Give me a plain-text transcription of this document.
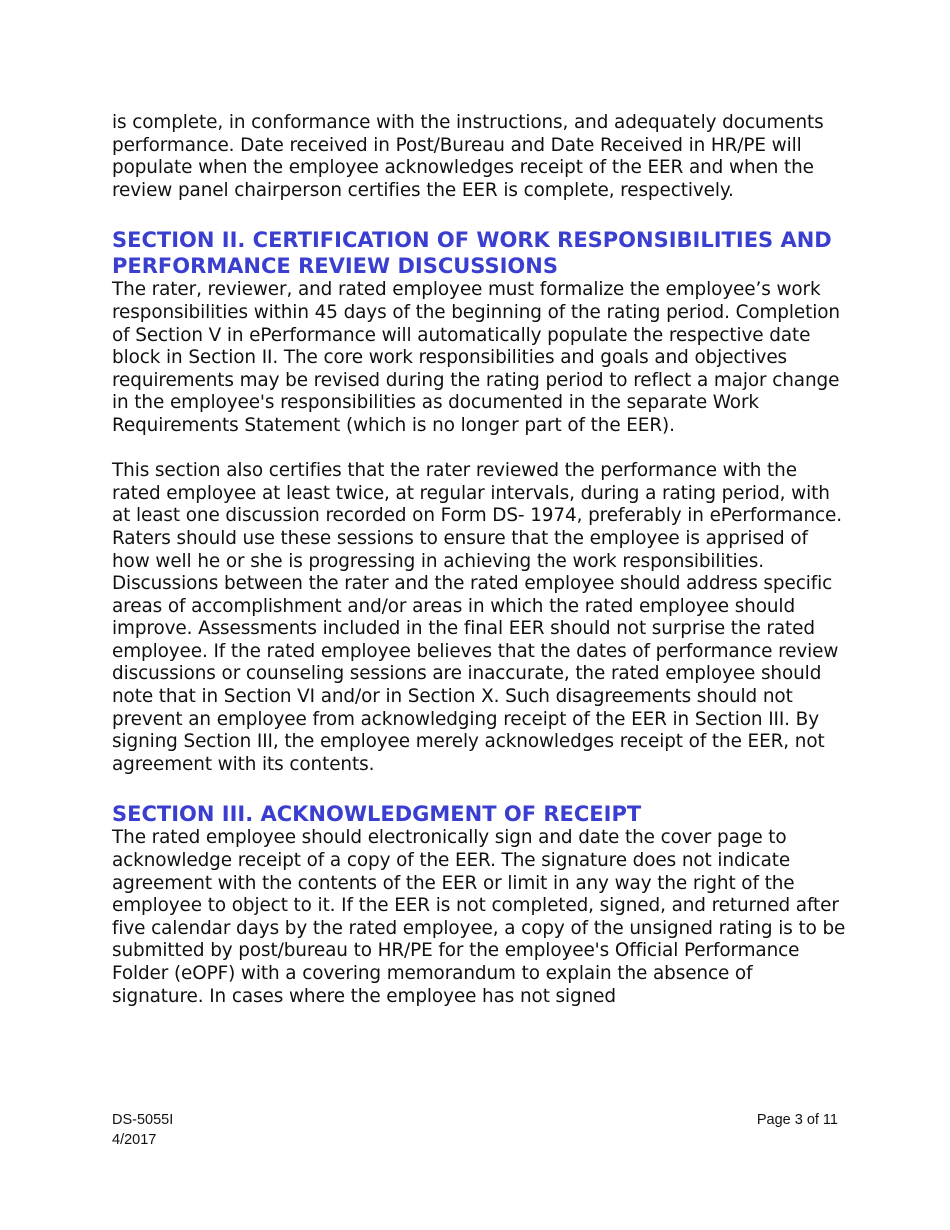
is complete, in conformance with the instructions, and adequately documents performance. Date received in Post/Bureau and Date Received in HR/PE will populate when the employee acknowledges receipt of the EER and when the review panel chairperson certifies the EER is complete, respectively.

SECTION II. CERTIFICATION OF WORK RESPONSIBILITIES AND PERFORMANCE REVIEW DISCUSSIONS

The rater, reviewer, and rated employee must formalize the employee’s work responsibilities within 45 days of the beginning of the rating period. Completion of Section V in ePerformance will automatically populate the respective date block in Section II. The core work responsibilities and goals and objectives requirements may be revised during the rating period to reflect a major change in the employee's responsibilities as documented in the separate Work Requirements Statement (which is no longer part of the EER).

This section also certifies that the rater reviewed the performance with the rated employee at least twice, at regular intervals, during a rating period, with at least one discussion recorded on Form DS- 1974, preferably in ePerformance. Raters should use these sessions to ensure that the employee is apprised of how well he or she is progressing in achieving the work responsibilities. Discussions between the rater and the rated employee should address specific areas of accomplishment and/or areas in which the rated employee should improve. Assessments included in the final EER should not surprise the rated employee. If the rated employee believes that the dates of performance review discussions or counseling sessions are inaccurate, the rated employee should note that in Section VI and/or in Section X. Such disagreements should not prevent an employee from acknowledging receipt of the EER in Section III. By signing Section III, the employee merely acknowledges receipt of the EER, not agreement with its contents.

SECTION III. ACKNOWLEDGMENT OF RECEIPT

The rated employee should electronically sign and date the cover page to acknowledge receipt of a copy of the EER. The signature does not indicate agreement with the contents of the EER or limit in any way the right of the employee to object to it. If the EER is not completed, signed, and returned after five calendar days by the rated employee, a copy of the unsigned rating is to be submitted by post/bureau to HR/PE for the employee's Official Performance Folder (eOPF) with a covering memorandum to explain the absence of signature. In cases where the employee has not signed

DS-5055I
4/2017
Page 3 of 11
